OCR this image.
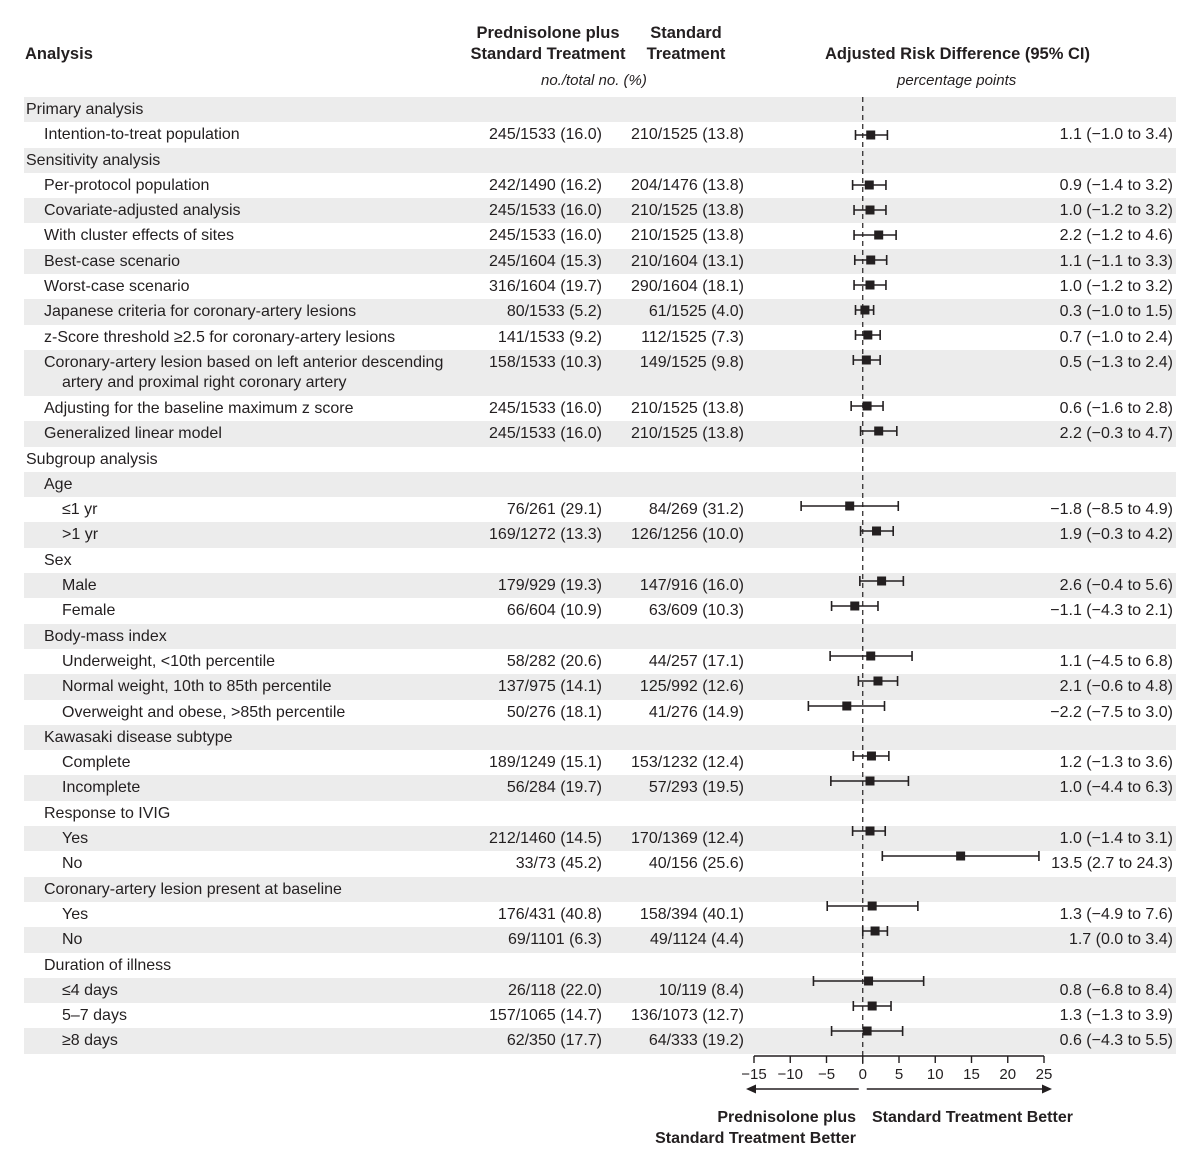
Analysis
Prednisolone plus
Standard Treatment
Standard
Treatment	Adjusted Risk Difference (95% CI)
no./total no. (%)	percentage points
Primary analysis
Intention-to-treat population	245/1533 (16.0)	210/1525 (13.8)	1.1 (−1.0 to 3.4)
Sensitivity analysis
Per-protocol population	242/1490 (16.2)	204/1476 (13.8)	0.9 (−1.4 to 3.2)
Covariate-adjusted analysis	245/1533 (16.0)	210/1525 (13.8)	1.0 (−1.2 to 3.2)
With cluster effects of sites	245/1533 (16.0)	210/1525 (13.8)	2.2 (−1.2 to 4.6)
Best-case scenario	245/1604 (15.3)	210/1604 (13.1)	1.1 (−1.1 to 3.3)
Worst-case scenario	316/1604 (19.7)	290/1604 (18.1)	1.0 (−1.2 to 3.2)
Japanese criteria for coronary-artery lesions	80/1533 (5.2)	61/1525 (4.0)	0.3 (−1.0 to 1.5)
z-Score threshold ≥2.5 for coronary-artery lesions	141/1533 (9.2)	112/1525 (7.3)	0.7 (−1.0 to 2.4)
Coronary-artery lesion based on left anterior descending
artery and proximal right coronary artery
158/1533 (10.3)	149/1525 (9.8)	0.5 (−1.3 to 2.4)
Adjusting for the baseline maximum z score	245/1533 (16.0)	210/1525 (13.8)	0.6 (−1.6 to 2.8)
Generalized linear model	245/1533 (16.0)	210/1525 (13.8)	2.2 (−0.3 to 4.7)
Subgroup analysis
Age
≤1 yr	76/261 (29.1)	84/269 (31.2)	−1.8 (−8.5 to 4.9)
>1 yr	169/1272 (13.3)	126/1256 (10.0)	1.9 (−0.3 to 4.2)
Sex
Male	179/929 (19.3)	147/916 (16.0)	2.6 (−0.4 to 5.6)
Female	66/604 (10.9)	63/609 (10.3)	−1.1 (−4.3 to 2.1)
Body-mass index
Underweight, <10th percentile	58/282 (20.6)	44/257 (17.1)	1.1 (−4.5 to 6.8)
Normal weight, 10th to 85th percentile	137/975 (14.1)	125/992 (12.6)	2.1 (−0.6 to 4.8)
Overweight and obese, >85th percentile	50/276 (18.1)	41/276 (14.9)	−2.2 (−7.5 to 3.0)
Kawasaki disease subtype
Complete	189/1249 (15.1)	153/1232 (12.4)	1.2 (−1.3 to 3.6)
Incomplete	56/284 (19.7)	57/293 (19.5)	1.0 (−4.4 to 6.3)
Response to IVIG
Yes	212/1460 (14.5)	170/1369 (12.4)	1.0 (−1.4 to 3.1)
No	33/73 (45.2)	40/156 (25.6)	13.5 (2.7 to 24.3)
Coronary-artery lesion present at baseline
Yes	176/431 (40.8)	158/394 (40.1)	1.3 (−4.9 to 7.6)
No	69/1101 (6.3)	49/1124 (4.4)	1.7 (0.0 to 3.4)
Duration of illness
≤4 days	26/118 (22.0)	10/119 (8.4)	0.8 (−6.8 to 8.4)
5–7 days	157/1065 (14.7)	136/1073 (12.7)	1.3 (−1.3 to 3.9)
≥8 days	62/350 (17.7)	64/333 (19.2)	0.6 (−4.3 to 5.5)
−15 −10 −5 0 5 10 15 20 25
Prednisolone plus
Standard Treatment Better
Standard Treatment Better
